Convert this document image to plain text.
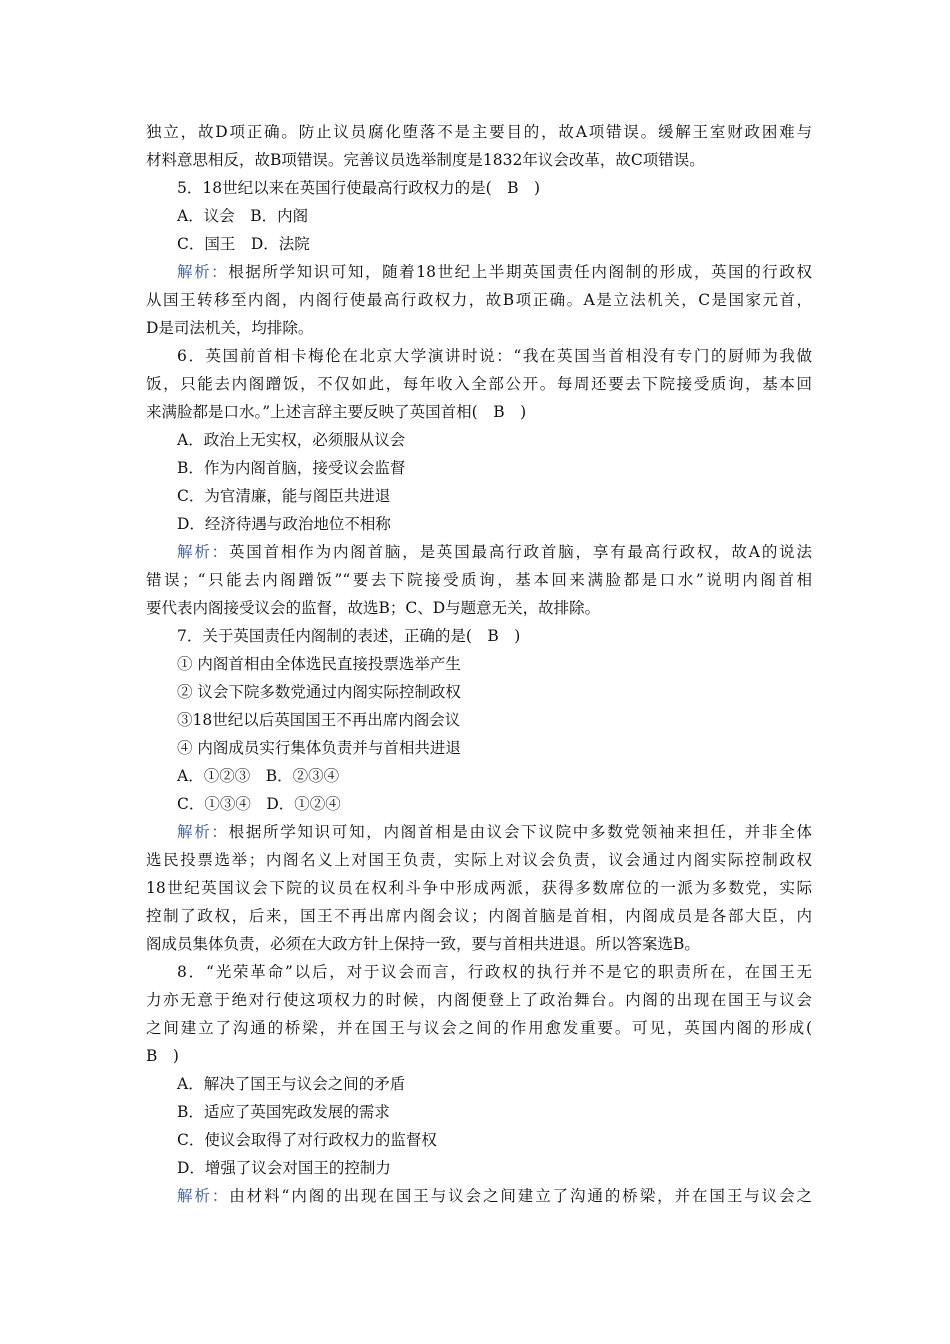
独立，故D项正确。防止议员腐化堕落不是主要目的，故A项错误。缓解王室财政困难与
材料意思相反，故B项错误。完善议员选举制度是1832年议会改革，故C项错误。
5．18世纪以来在英国行使最高行政权力的是(　B　)
A．议会　B．内阁
C．国王　D．法院
解析：根据所学知识可知，随着18世纪上半期英国责任内阁制的形成，英国的行政权
从国王转移至内阁，内阁行使最高行政权力，故B项正确。A是立法机关，C是国家元首，
D是司法机关，均排除。
6．英国前首相卡梅伦在北京大学演讲时说：“我在英国当首相没有专门的厨师为我做
饭，只能去内阁蹭饭，不仅如此，每年收入全部公开。每周还要去下院接受质询，基本回
来满脸都是口水。”上述言辞主要反映了英国首相(　B　)
A．政治上无实权，必须服从议会
B．作为内阁首脑，接受议会监督
C．为官清廉，能与阁臣共进退
D．经济待遇与政治地位不相称
解析：英国首相作为内阁首脑，是英国最高行政首脑，享有最高行政权，故A的说法
错误；“只能去内阁蹭饭”“要去下院接受质询，基本回来满脸都是口水”说明内阁首相
要代表内阁接受议会的监督，故选B；C、D与题意无关，故排除。
7．关于英国责任内阁制的表述，正确的是(　B　)
① 内阁首相由全体选民直接投票选举产生
② 议会下院多数党通过内阁实际控制政权
③18世纪以后英国国王不再出席内阁会议
④ 内阁成员实行集体负责并与首相共进退
A．①②③　B．②③④
C．①③④　D．①②④
解析：根据所学知识可知，内阁首相是由议会下议院中多数党领袖来担任，并非全体
选民投票选举；内阁名义上对国王负责，实际上对议会负责，议会通过内阁实际控制政权
18世纪英国议会下院的议员在权利斗争中形成两派，获得多数席位的一派为多数党，实际
控制了政权，后来，国王不再出席内阁会议；内阁首脑是首相，内阁成员是各部大臣，内
阁成员集体负责，必须在大政方针上保持一致，要与首相共进退。所以答案选B。
8．“光荣革命”以后，对于议会而言，行政权的执行并不是它的职责所在，在国王无
力亦无意于绝对行使这项权力的时候，内阁便登上了政治舞台。内阁的出现在国王与议会
之间建立了沟通的桥梁，并在国王与议会之间的作用愈发重要。可见，英国内阁的形成(
B　)
A．解决了国王与议会之间的矛盾
B．适应了英国宪政发展的需求
C．使议会取得了对行政权力的监督权
D．增强了议会对国王的控制力
解析：由材料“内阁的出现在国王与议会之间建立了沟通的桥梁，并在国王与议会之
